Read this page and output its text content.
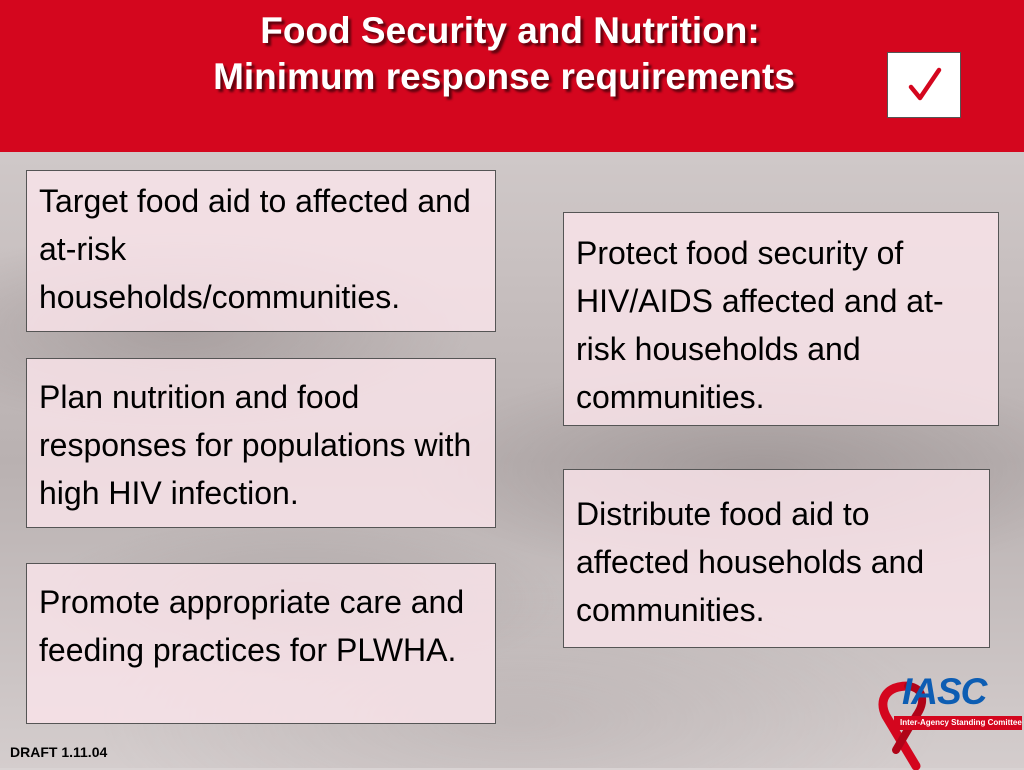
Food Security and Nutrition:
Minimum response requirements
Target food aid to affected and at-risk households/communities.
Plan nutrition and food responses for populations with high HIV infection.
Promote appropriate care and feeding practices for PLWHA.
Protect food security of HIV/AIDS affected and at-risk households and communities.
Distribute food aid to affected households and communities.
DRAFT 1.11.04
IASC
Inter-Agency Standing Comittee
